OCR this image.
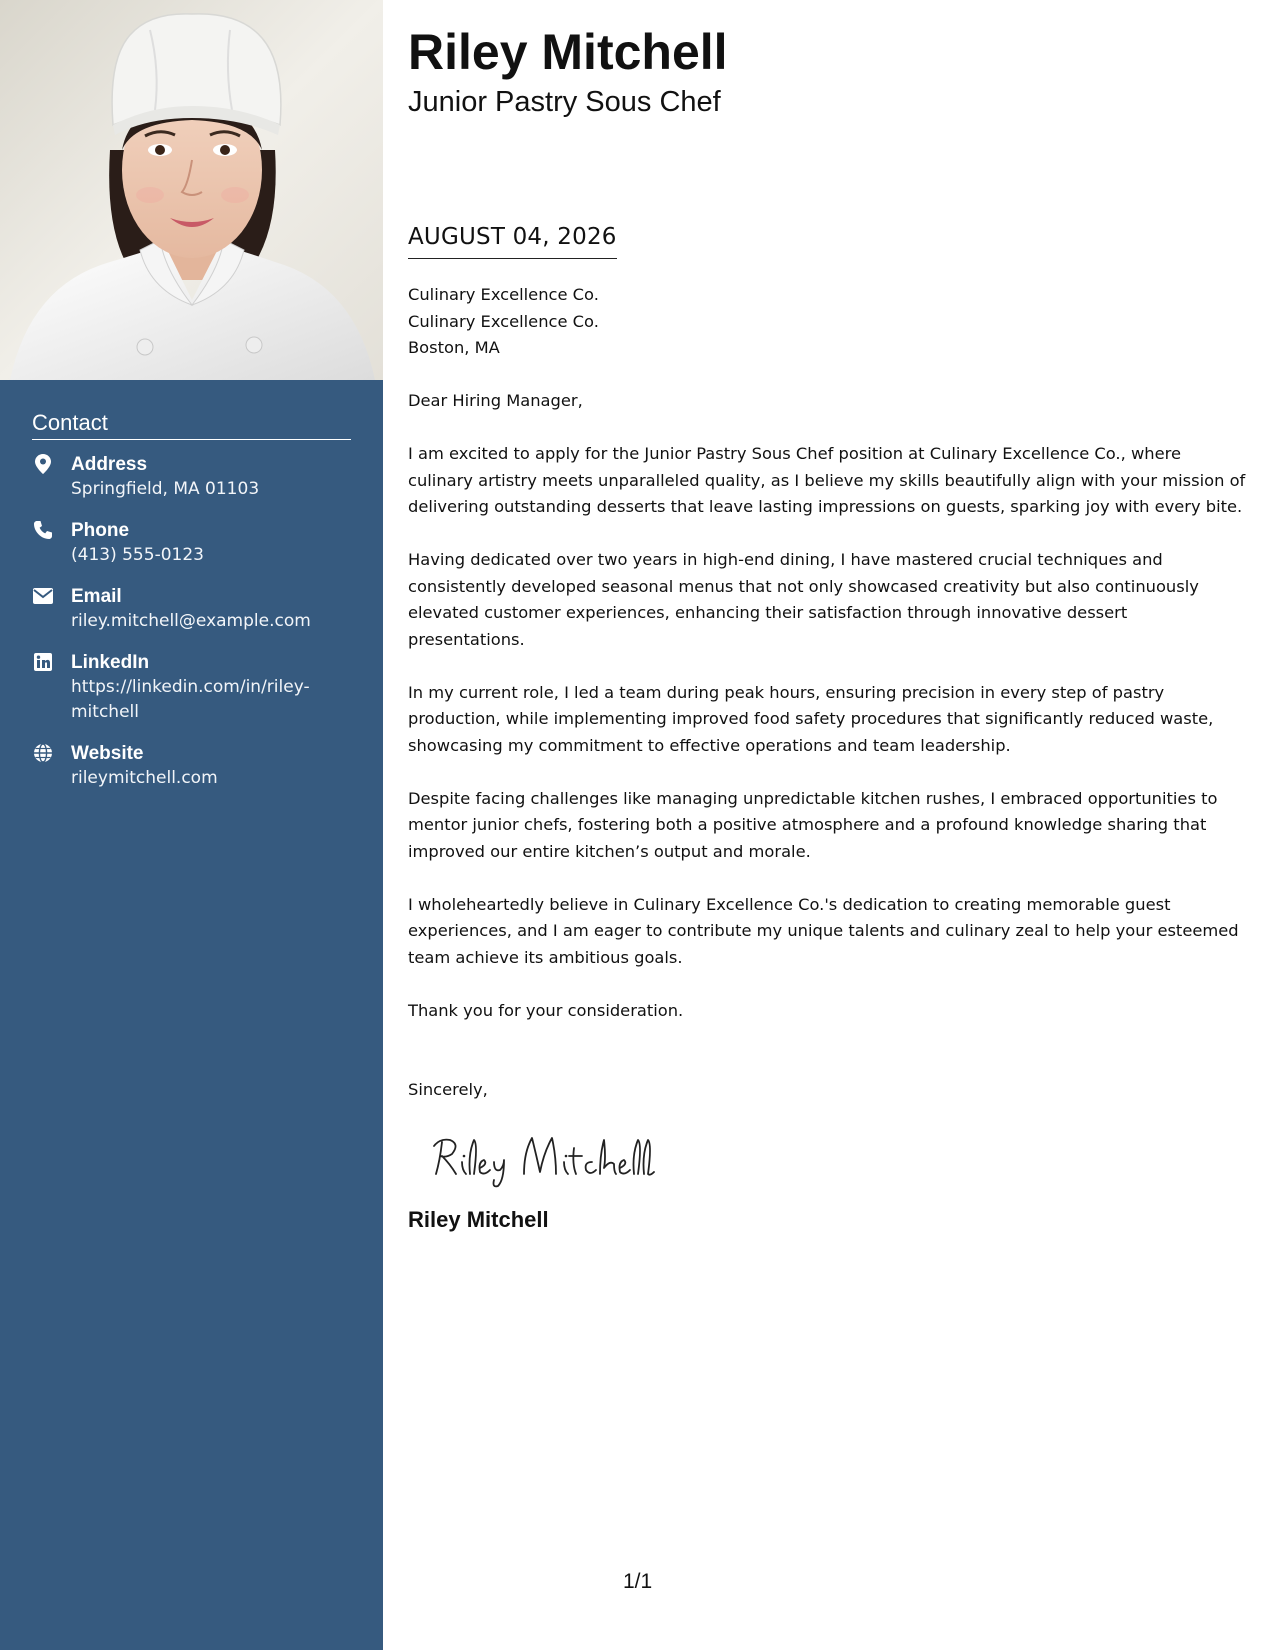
Contact
Address
Springfield, MA 01103
Phone
(413) 555-0123
Email
riley.mitchell@example.com
LinkedIn
https://linkedin.com/in/riley-mitchell
Website
rileymitchell.com
Riley Mitchell
Junior Pastry Sous Chef
AUGUST 04, 2026
Culinary Excellence Co.
Culinary Excellence Co.
Boston, MA
Dear Hiring Manager,
I am excited to apply for the Junior Pastry Sous Chef position at Culinary Excellence Co., where culinary artistry meets unparalleled quality, as I believe my skills beautifully align with your mission of delivering outstanding desserts that leave lasting impressions on guests, sparking joy with every bite.
Having dedicated over two years in high-end dining, I have mastered crucial techniques and consistently developed seasonal menus that not only showcased creativity but also continuously elevated customer experiences, enhancing their satisfaction through innovative dessert presentations.
In my current role, I led a team during peak hours, ensuring precision in every step of pastry production, while implementing improved food safety procedures that significantly reduced waste, showcasing my commitment to effective operations and team leadership.
Despite facing challenges like managing unpredictable kitchen rushes, I embraced opportunities to mentor junior chefs, fostering both a positive atmosphere and a profound knowledge sharing that improved our entire kitchen’s output and morale.
I wholeheartedly believe in Culinary Excellence Co.'s dedication to creating memorable guest experiences, and I am eager to contribute my unique talents and culinary zeal to help your esteemed team achieve its ambitious goals.
Thank you for your consideration.
Sincerely,
Riley Mitchell
1/1
